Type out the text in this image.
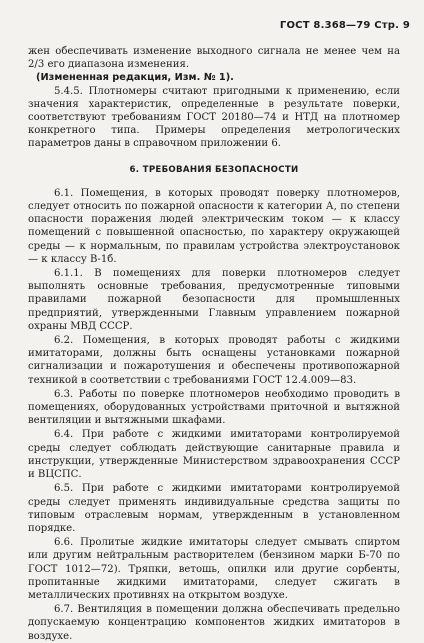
ГОСТ 8.368—79 Стр. 9

жен обеспечивать изменение выходного сигнала не менее чем на 2/3 его диапазона изменения.

(Измененная редакция, Изм. № 1).

5.4.5. Плотномеры считают пригодными к применению, если значения характеристик, определенные в результате поверки, соответствуют требованиям ГОСТ 20180—74 и НТД на плотномер конкретного типа. Примеры определения метрологических параметров даны в справочном приложении 6.

6. ТРЕБОВАНИЯ БЕЗОПАСНОСТИ

6.1. Помещения, в которых проводят поверку плотномеров, следует относить по пожарной опасности к категории А, по степени опасности поражения людей электрическим током — к классу помещений с повышенной опасностью, по характеру окружающей среды — к нормальным, по правилам устройства электроустановок — к классу В-1б.

6.1.1. В помещениях для поверки плотномеров следует выполнять основные требования, предусмотренные типовыми правилами пожарной безопасности для промышленных предприятий, утвержденными Главным управлением пожарной охраны МВД СССР.

6.2. Помещения, в которых проводят работы с жидкими имитаторами, должны быть оснащены установками пожарной сигнализации и пожаротушения и обеспечены противопожарной техникой в соответствии с требованиями ГОСТ 12.4.009—83.

6.3. Работы по поверке плотномеров необходимо проводить в помещениях, оборудованных устройствами приточной и вытяжной вентиляции и вытяжными шкафами.

6.4. При работе с жидкими имитаторами контролируемой среды следует соблюдать действующие санитарные правила и инструкции, утвержденные Министерством здравоохранения СССР и ВЦСПС.

6.5. При работе с жидкими имитаторами контролируемой среды следует применять индивидуальные средства защиты по типовым отраслевым нормам, утвержденным в установленном порядке.

6.6. Пролитые жидкие имитаторы следует смывать спиртом или другим нейтральным растворителем (бензином марки Б-70 по ГОСТ 1012—72). Тряпки, ветошь, опилки или другие сорбенты, пропитанные жидкими имитаторами, следует сжигать в металлических противнях на открытом воздухе.

6.7. Вентиляция в помещении должна обеспечивать предельно допускаемую концентрацию компонентов жидких имитаторов в воздухе.
